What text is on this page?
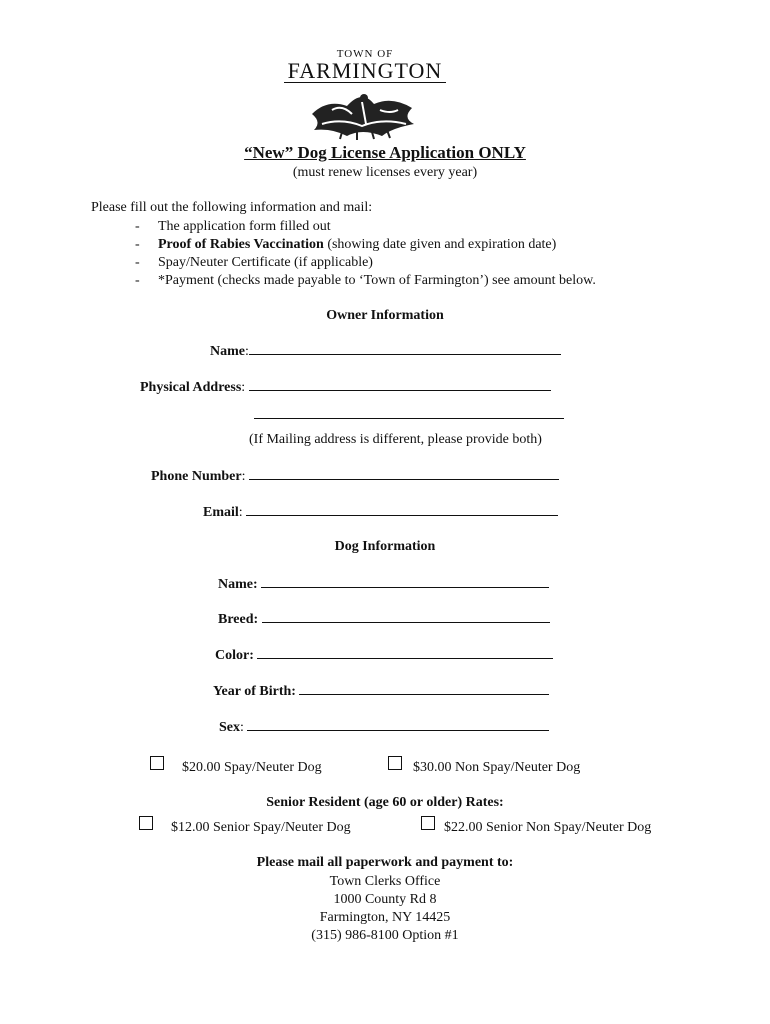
TOWN OF
FARMINGTON
“New” Dog License Application ONLY
(must renew licenses every year)
Please fill out the following information and mail:
- The application form filled out
- Proof of Rabies Vaccination (showing date given and expiration date)
- Spay/Neuter Certificate (if applicable)
- *Payment (checks made payable to ‘Town of Farmington’) see amount below.
Owner Information
Name:
Physical Address:
(If Mailing address is different, please provide both)
Phone Number:
Email:
Dog Information
Name:
Breed:
Color:
Year of Birth:
Sex:
$20.00 Spay/Neuter Dog	$30.00 Non Spay/Neuter Dog
Senior Resident (age 60 or older) Rates:
$12.00 Senior Spay/Neuter Dog	$22.00 Senior Non Spay/Neuter Dog
Please mail all paperwork and payment to:
Town Clerks Office
1000 County Rd 8
Farmington, NY 14425
(315) 986-8100 Option #1
